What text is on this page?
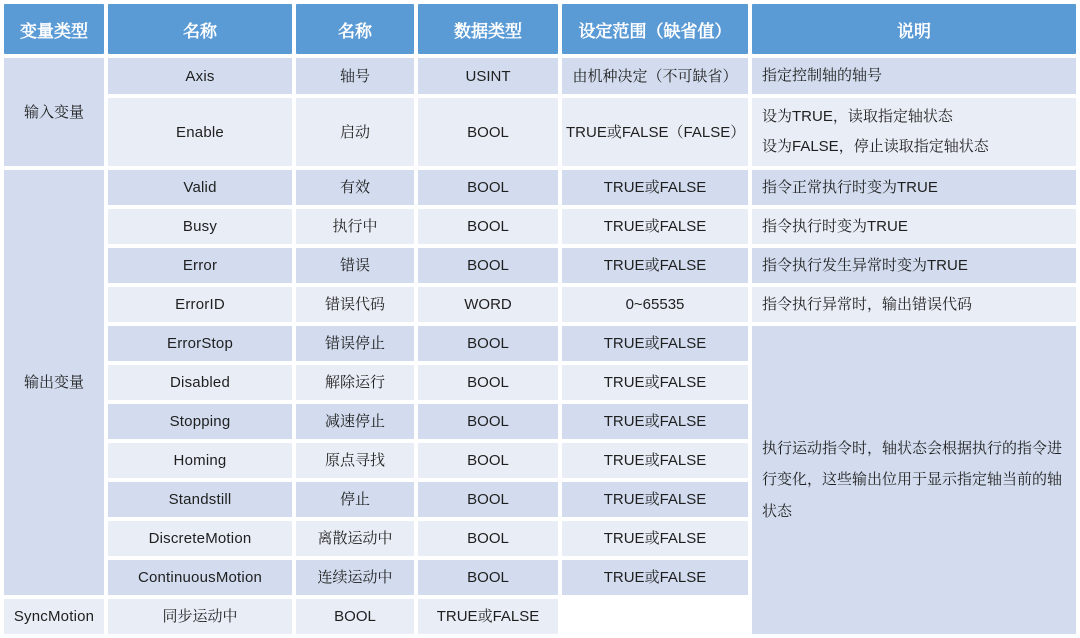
变量类型	名称	名称	数据类型	设定范围（缺省值）	说明
输入变量	Axis	轴号	USINT	由机种决定（不可缺省）	指定控制轴的轴号
	Enable	启动	BOOL	TRUE或FALSE（FALSE）	设为TRUE，读取指定轴状态
设为FALSE，停止读取指定轴状态

输出变量	Valid	有效	BOOL	TRUE或FALSE	指令正常执行时变为TRUE
	Busy	执行中	BOOL	TRUE或FALSE	指令执行时变为TRUE
	Error	错误	BOOL	TRUE或FALSE	指令执行发生异常时变为TRUE
	ErrorID	错误代码	WORD	0~65535	指令执行异常时，输出错误代码
	ErrorStop	错误停止	BOOL	TRUE或FALSE	执行运动指令时，轴状态会根据执行的指令进行变化，这些输出位用于显示指定轴当前的轴状态
	Disabled	解除运行	BOOL	TRUE或FALSE	
	Stopping	减速停止	BOOL	TRUE或FALSE	
	Homing	原点寻找	BOOL	TRUE或FALSE	
	Standstill	停止	BOOL	TRUE或FALSE	
	DiscreteMotion	离散运动中	BOOL	TRUE或FALSE	
	ContinuousMotion	连续运动中	BOOL	TRUE或FALSE	
SyncMotion	同步运动中	BOOL	TRUE或FALSE		
